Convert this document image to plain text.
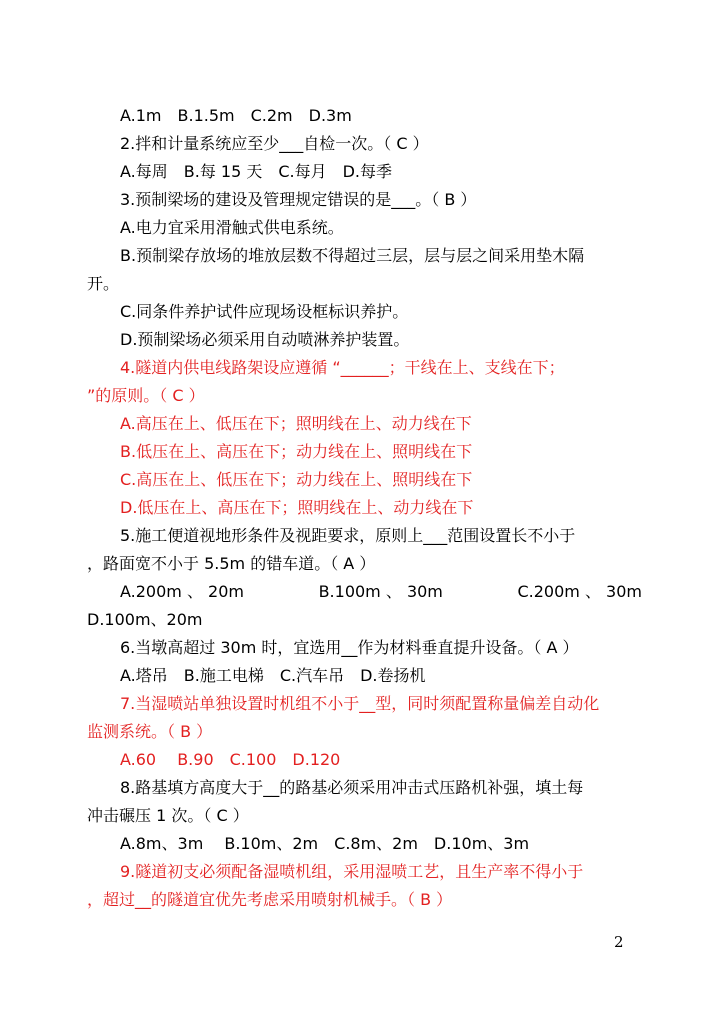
A.1m　B.1.5m　C.2m　D.3m
2.拌和计量系统应至少___自检一次。（ C ）
A.每周　B.每 15 天　C.每月　D.每季
3.预制梁场的建设及管理规定错误的是___。（ B ）
A.电力宜采用滑触式供电系统。
B.预制梁存放场的堆放层数不得超过三层，层与层之间采用垫木隔
开。
C.同条件养护试件应现场设框标识养护。
D.预制梁场必须采用自动喷淋养护装置。
4.隧道内供电线路架设应遵循 “______；干线在上、支线在下；
”的原则。（ C ）
A.高压在上、低压在下；照明线在上、动力线在下
B.低压在上、高压在下；动力线在上、照明线在下
C.高压在上、低压在下；动力线在上、照明线在下
D.低压在上、高压在下；照明线在上、动力线在下
5.施工便道视地形条件及视距要求，原则上___范围设置长不小于
，路面宽不小于 5.5m 的错车道。（ A ）
A.200m 、 20m	B.100m 、 30m	C.200m 、 30m
D.100m、20m
6.当墩高超过 30m 时，宜选用__作为材料垂直提升设备。（ A ）
A.塔吊　B.施工电梯　C.汽车吊　D.卷扬机
7.当湿喷站单独设置时机组不小于__型，同时须配置称量偏差自动化
监测系统。（ B ）
A.60　 B.90　C.100　D.120
8.路基填方高度大于__的路基必须采用冲击式压路机补强，填土每
冲击碾压 1 次。（ C ）
A.8m、3m　 B.10m、2m　C.8m、2m　D.10m、3m
9.隧道初支必须配备湿喷机组，采用湿喷工艺，且生产率不得小于
，超过__的隧道宜优先考虑采用喷射机械手。（ B ）
2
